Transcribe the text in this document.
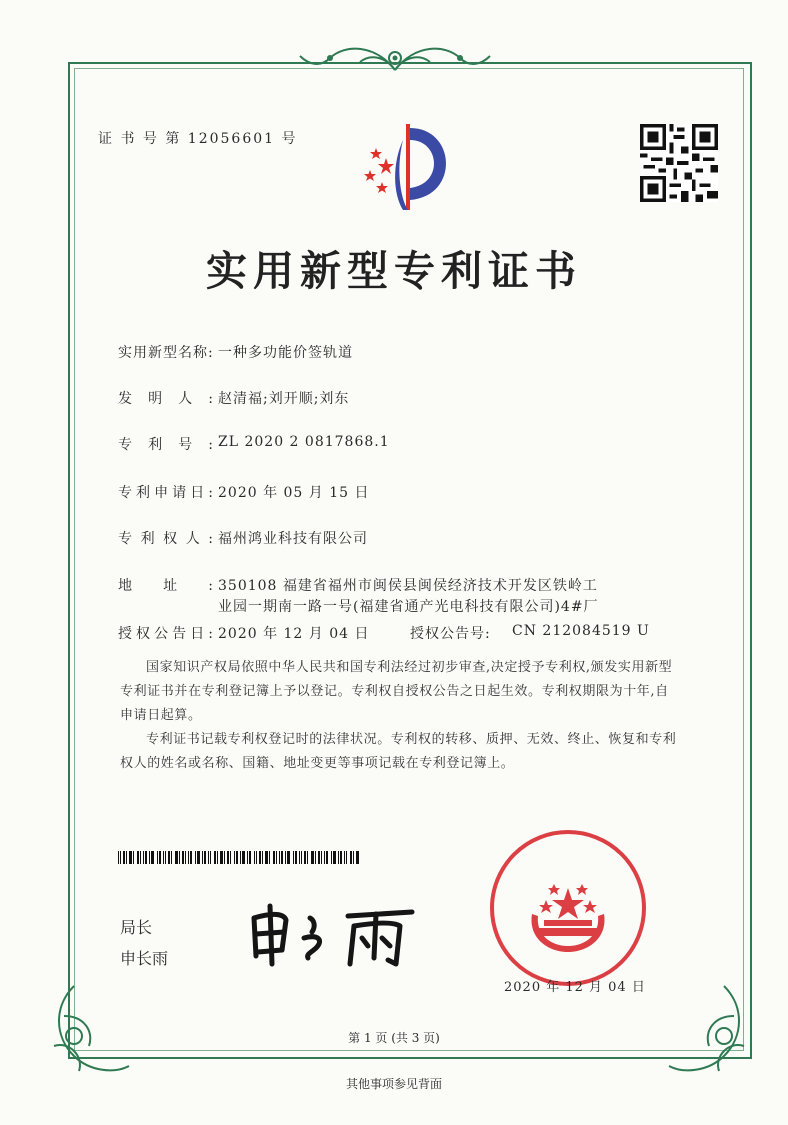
证 书 号 第 12056601 号
实用新型专利证书
实用新型名称: 一种多功能价签轨道
发明人: 赵清福;刘开顺;刘东
专利号: ZL 2020 2 0817868.1
专利申请日: 2020 年 05 月 15 日
专利权人: 福州鸿业科技有限公司
地址: 350108 福建省福州市闽侯县闽侯经济技术开发区铁岭工
业园一期南一路一号(福建省通产光电科技有限公司)4#厂
授权公告日: 2020 年 12 月 04 日	授权公告号: CN 212084519 U

国家知识产权局依照中华人民共和国专利法经过初步审查,决定授予专利权,颁发实用新型专利证书并在专利登记簿上予以登记。专利权自授权公告之日起生效。专利权期限为十年,自申请日起算。

专利证书记载专利权登记时的法律状况。专利权的转移、质押、无效、终止、恢复和专利权人的姓名或名称、国籍、地址变更等事项记载在专利登记簿上。

局长
申长雨
2020 年 12 月 04 日
第 1 页 (共 3 页)
其他事项参见背面
